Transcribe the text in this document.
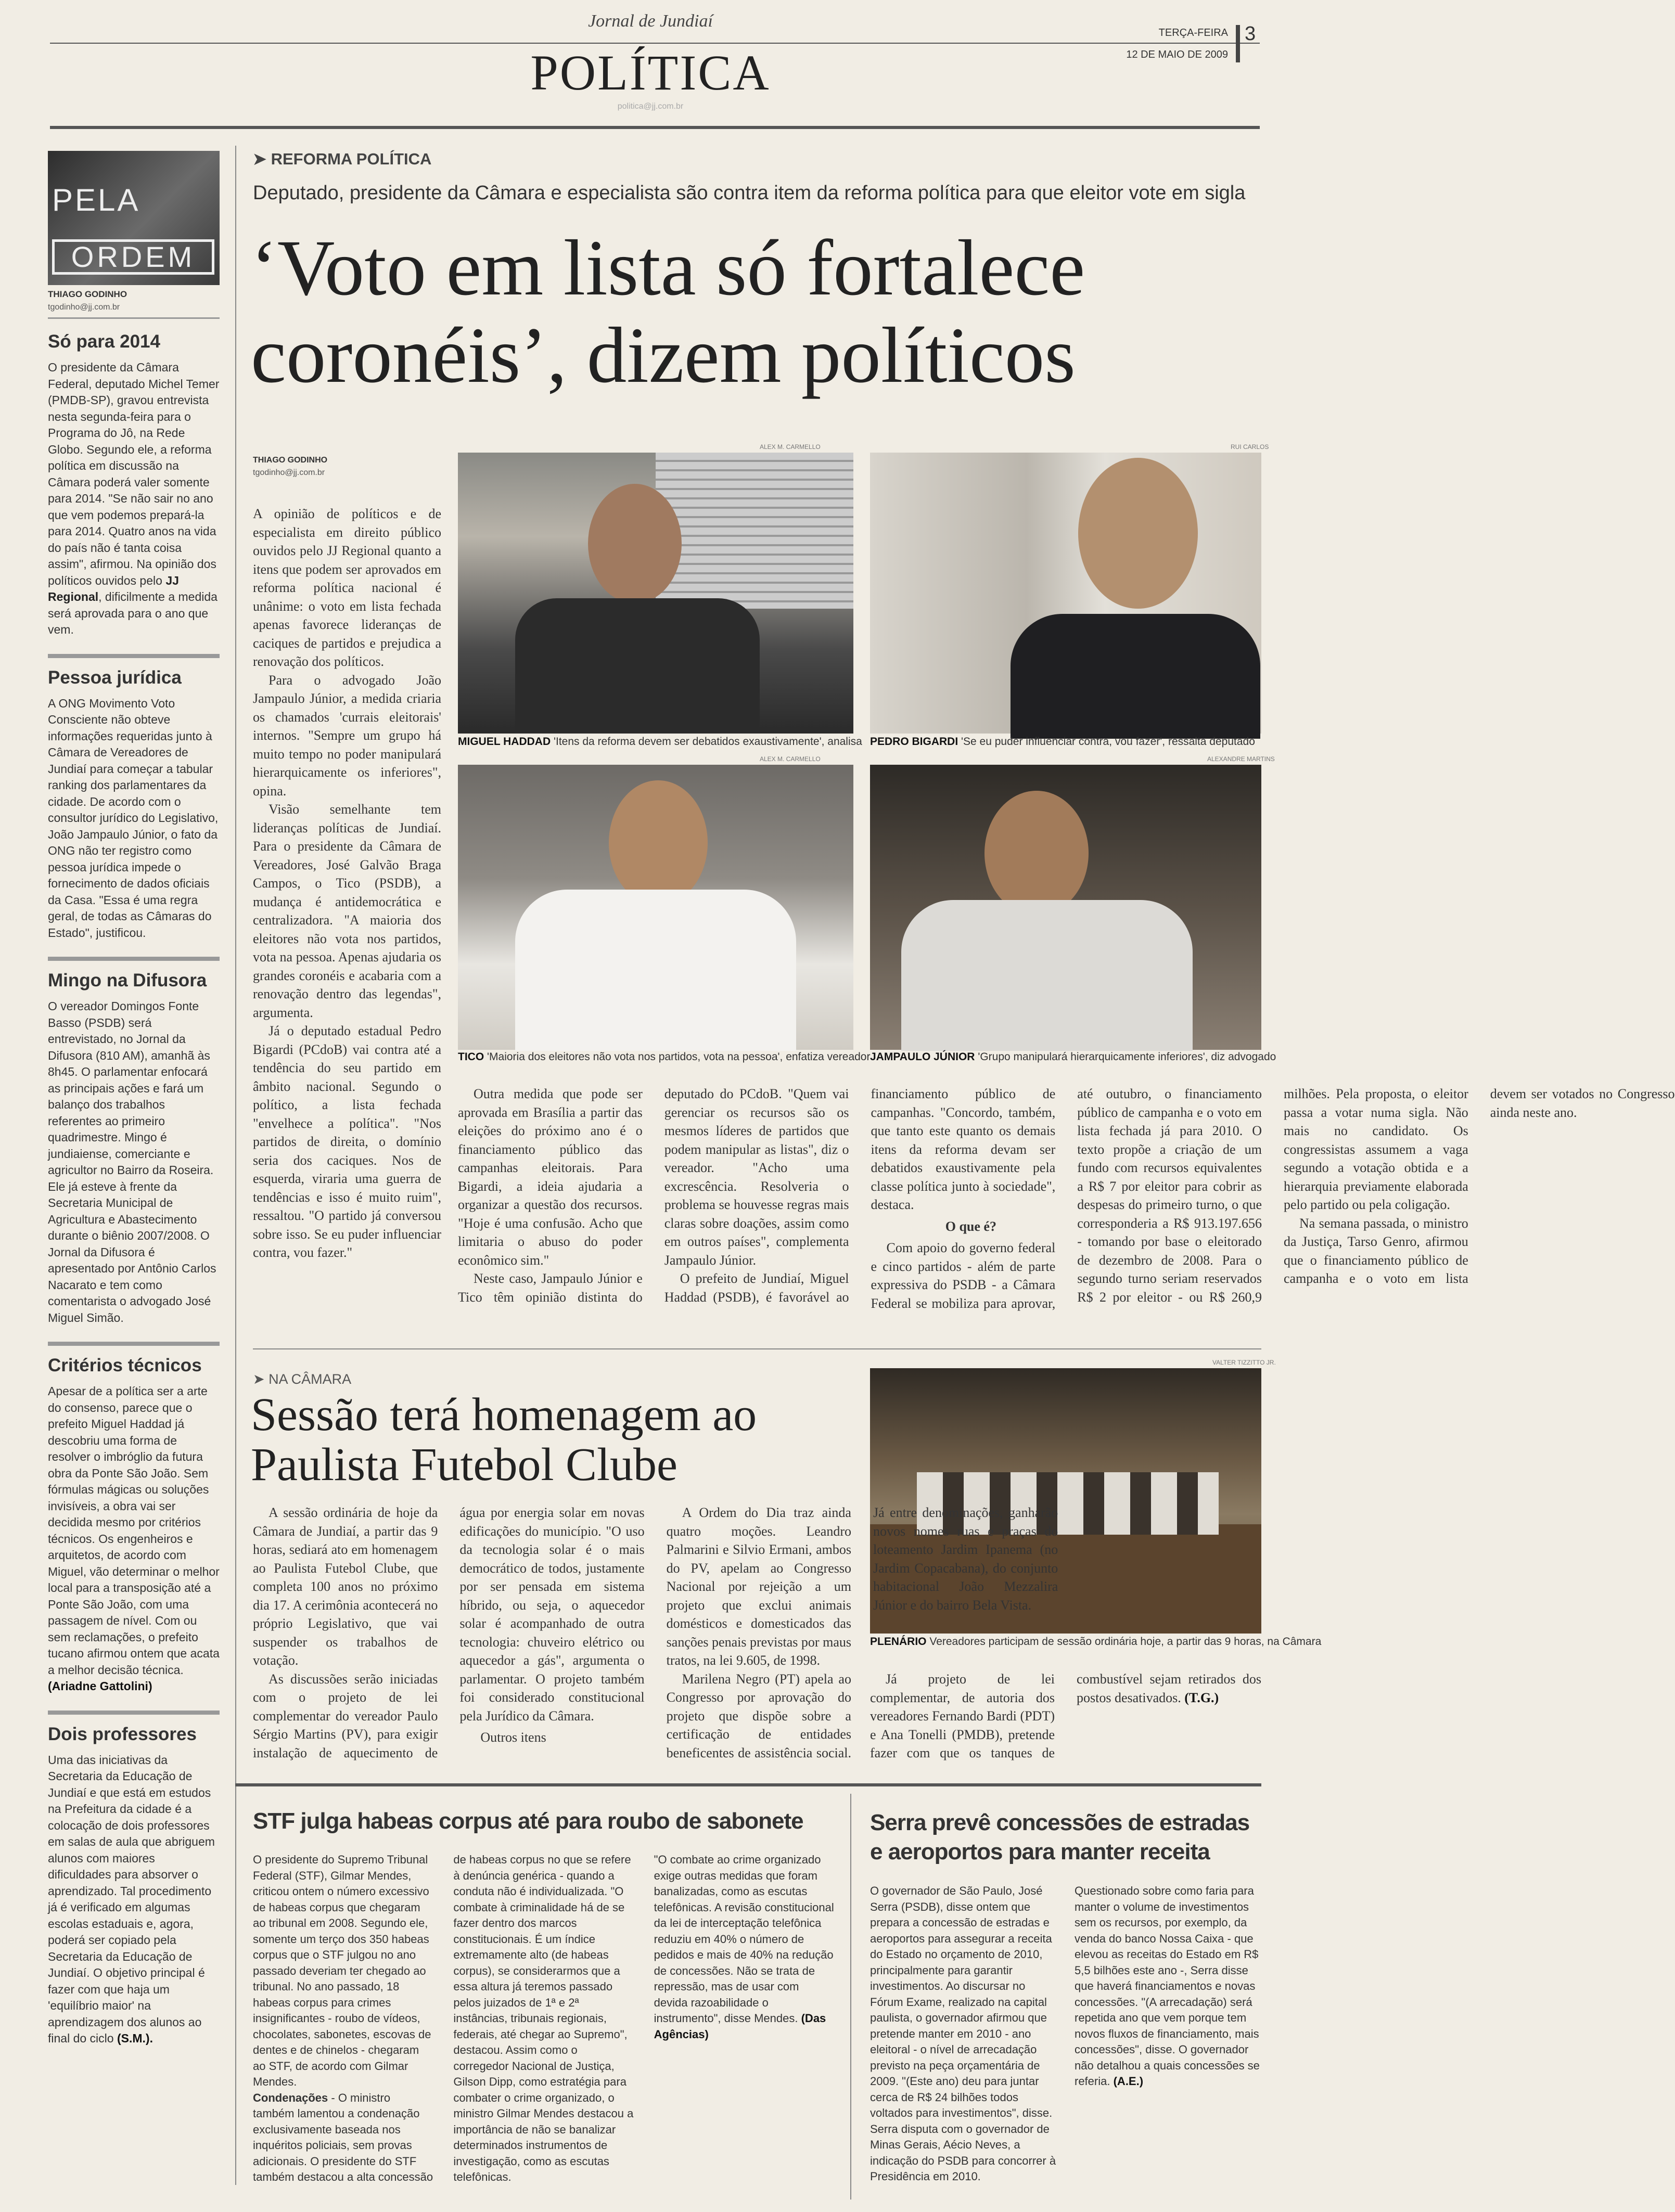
Jornal de Jundiaí
POLÍTICA
politica@jj.com.br
TERÇA-FEIRA
12 DE MAIO DE 2009
3
PELA
ORDEM
THIAGO GODINHO
tgodinho@jj.com.br
Só para 2014
O presidente da Câmara Federal, deputado Michel Temer (PMDB-SP), gravou entrevista nesta segunda-feira para o Programa do Jô, na Rede Globo. Segundo ele, a reforma política em discussão na Câmara poderá valer somente para 2014. "Se não sair no ano que vem podemos prepará-la para 2014. Quatro anos na vida do país não é tanta coisa assim", afirmou. Na opinião dos políticos ouvidos pelo JJ Regional, dificilmente a medida será aprovada para o ano que vem.
Pessoa jurídica
A ONG Movimento Voto Consciente não obteve informações requeridas junto à Câmara de Vereadores de Jundiaí para começar a tabular ranking dos parlamentares da cidade. De acordo com o consultor jurídico do Legislativo, João Jampaulo Júnior, o fato da ONG não ter registro como pessoa jurídica impede o fornecimento de dados oficiais da Casa. "Essa é uma regra geral, de todas as Câmaras do Estado", justificou.
Mingo na Difusora
O vereador Domingos Fonte Basso (PSDB) será entrevistado, no Jornal da Difusora (810 AM), amanhã às 8h45. O parlamentar enfocará as principais ações e fará um balanço dos trabalhos referentes ao primeiro quadrimestre. Mingo é jundiaiense, comerciante e agricultor no Bairro da Roseira. Ele já esteve à frente da Secretaria Municipal de Agricultura e Abastecimento durante o biênio 2007/2008. O Jornal da Difusora é apresentado por Antônio Carlos Nacarato e tem como comentarista o advogado José Miguel Simão.
Critérios técnicos
Apesar de a política ser a arte do consenso, parece que o prefeito Miguel Haddad já descobriu uma forma de resolver o imbróglio da futura obra da Ponte São João. Sem fórmulas mágicas ou soluções invisíveis, a obra vai ser decidida mesmo por critérios técnicos. Os engenheiros e arquitetos, de acordo com Miguel, vão determinar o melhor local para a transposição até a Ponte São João, com uma passagem de nível. Com ou sem reclamações, o prefeito tucano afirmou ontem que acata a melhor decisão técnica. (Ariadne Gattolini)
Dois professores
Uma das iniciativas da Secretaria da Educação de Jundiaí e que está em estudos na Prefeitura da cidade é a colocação de dois professores em salas de aula que abriguem alunos com maiores dificuldades para absorver o aprendizado. Tal procedimento já é verificado em algumas escolas estaduais e, agora, poderá ser copiado pela Secretaria da Educação de Jundiaí. O objetivo principal é fazer com que haja um 'equilíbrio maior' na aprendizagem dos alunos ao final do ciclo (S.M.).
➤ REFORMA POLÍTICA
Deputado, presidente da Câmara e especialista são contra item da reforma política para que eleitor vote em sigla
‘Voto em lista só fortalece coronéis’, dizem políticos
THIAGO GODINHO
tgodinho@jj.com.br
ALEX M. CARMELLO
MIGUEL HADDAD 'Itens da reforma devem ser debatidos exaustivamente', analisa
RUI CARLOS
PEDRO BIGARDI 'Se eu puder influenciar contra, vou fazer', ressalta deputado
ALEX M. CARMELLO
TICO 'Maioria dos eleitores não vota nos partidos, vota na pessoa', enfatiza vereador
ALEXANDRE MARTINS
JAMPAULO JÚNIOR 'Grupo manipulará hierarquicamente inferiores', diz advogado

A opinião de políticos e de especialista em direito público ouvidos pelo JJ Regional quanto a itens que podem ser aprovados em reforma política nacional é unânime: o voto em lista fechada apenas favorece lideranças de caciques de partidos e prejudica a renovação dos políticos.

Para o advogado João Jampaulo Júnior, a medida criaria os chamados 'currais eleitorais' internos. "Sempre um grupo há muito tempo no poder manipulará hierarquicamente os inferiores", opina.

Visão semelhante tem lideranças políticas de Jundiaí. Para o presidente da Câmara de Vereadores, José Galvão Braga Campos, o Tico (PSDB), a mudança é antidemocrática e centralizadora. "A maioria dos eleitores não vota nos partidos, vota na pessoa. Apenas ajudaria os grandes coronéis e acabaria com a renovação dentro das legendas", argumenta.

Já o deputado estadual Pedro Bigardi (PCdoB) vai contra até a tendência do seu partido em âmbito nacional. Segundo o político, a lista fechada "envelhece a política". "Nos partidos de direita, o domínio seria dos caciques. Nos de esquerda, viraria uma guerra de tendências e isso é muito ruim", ressaltou. "O partido já conversou sobre isso. Se eu puder influenciar contra, vou fazer."

Outra medida que pode ser aprovada em Brasília a partir das eleições do próximo ano é o financiamento público das campanhas eleitorais. Para Bigardi, a ideia ajudaria a organizar a questão dos recursos. "Hoje é uma confusão. Acho que limitaria o abuso do poder econômico sim."

Neste caso, Jampaulo Júnior e Tico têm opinião distinta do deputado do PCdoB. "Quem vai gerenciar os recursos são os mesmos líderes de partidos que podem manipular as listas", diz o vereador. "Acho uma excrescência. Resolveria o problema se houvesse regras mais claras sobre doações, assim como em outros países", complementa Jampaulo Júnior.

O prefeito de Jundiaí, Miguel Haddad (PSDB), é favorável ao financiamento público de campanhas. "Concordo, também, que tanto este quanto os demais itens da reforma devam ser debatidos exaustivamente pela classe política junto à sociedade", destaca.

O que é?

Com apoio do governo federal e cinco partidos - além de parte expressiva do PSDB - a Câmara Federal se mobiliza para aprovar, até outubro, o financiamento público de campanha e o voto em lista fechada já para 2010. O texto propõe a criação de um fundo com recursos equivalentes a R$ 7 por eleitor para cobrir as despesas do primeiro turno, o que corresponderia a R$ 913.197.656 - tomando por base o eleitorado de dezembro de 2008. Para o segundo turno seriam reservados R$ 2 por eleitor - ou R$ 260,9 milhões. Pela proposta, o eleitor passa a votar numa sigla. Não mais no candidato. Os congressistas assumem a vaga segundo a votação obtida e a hierarquia previamente elaborada pelo partido ou pela coligação.

Na semana passada, o ministro da Justiça, Tarso Genro, afirmou que o financiamento público de campanha e o voto em lista devem ser votados no Congresso ainda neste ano.

➤ NA CÂMARA
Sessão terá homenagem ao Paulista Futebol Clube
VALTER TIZZITTO JR.
PLENÁRIO Vereadores participam de sessão ordinária hoje, a partir das 9 horas, na Câmara

A sessão ordinária de hoje da Câmara de Jundiaí, a partir das 9 horas, sediará ato em homenagem ao Paulista Futebol Clube, que completa 100 anos no próximo dia 17. A cerimônia acontecerá no próprio Legislativo, que vai suspender os trabalhos de votação.

As discussões serão iniciadas com o projeto de lei complementar do vereador Paulo Sérgio Martins (PV), para exigir instalação de aquecimento de água por energia solar em novas edificações do município. "O uso da tecnologia solar é o mais democrático de todos, justamente por ser pensada em sistema híbrido, ou seja, o aquecedor solar é acompanhado de outra tecnologia: chuveiro elétrico ou aquecedor a gás", argumenta o parlamentar. O projeto também foi considerado constitucional pela Jurídico da Câmara.

Outros itens

A Ordem do Dia traz ainda quatro moções. Leandro Palmarini e Silvio Ermani, ambos do PV, apelam ao Congresso Nacional por rejeição a um projeto que exclui animais domésticos e domesticados das sanções penais previstas por maus tratos, na lei 9.605, de 1998.

Marilena Negro (PT) apela ao Congresso por aprovação do projeto que dispõe sobre a certificação de entidades beneficentes de assistência social. Já entre denominações, ganharão novos nomes ruas e praças do loteamento Jardim Ipanema (no Jardim Copacabana), do conjunto habitacional João Mezzalira Júnior e do bairro Bela Vista.

Já projeto de lei complementar, de autoria dos vereadores Fernando Bardi (PDT) e Ana Tonelli (PMDB), pretende fazer com que os tanques de combustível sejam retirados dos postos desativados. (T.G.)

STF julga habeas corpus até para roubo de sabonete

O presidente do Supremo Tribunal Federal (STF), Gilmar Mendes, criticou ontem o número excessivo de habeas corpus que chegaram ao tribunal em 2008. Segundo ele, somente um terço dos 350 habeas corpus que o STF julgou no ano passado deveriam ter chegado ao tribunal. No ano passado, 18 habeas corpus para crimes insignificantes - roubo de vídeos, chocolates, sabonetes, escovas de dentes e de chinelos - chegaram ao STF, de acordo com Gilmar Mendes.

Condenações - O ministro também lamentou a condenação exclusivamente baseada nos inquéritos policiais, sem provas adicionais. O presidente do STF também destacou a alta concessão de habeas corpus no que se refere à denúncia genérica - quando a conduta não é individualizada. "O combate à criminalidade há de se fazer dentro dos marcos constitucionais. É um índice extremamente alto (de habeas corpus), se considerarmos que a essa altura já teremos passado pelos juizados de 1ª e 2ª instâncias, tribunais regionais, federais, até chegar ao Supremo", destacou. Assim como o corregedor Nacional de Justiça, Gilson Dipp, como estratégia para combater o crime organizado, o ministro Gilmar Mendes destacou a importância de não se banalizar determinados instrumentos de investigação, como as escutas telefônicas.

"O combate ao crime organizado exige outras medidas que foram banalizadas, como as escutas telefônicas. A revisão constitucional da lei de interceptação telefônica reduziu em 40% o número de pedidos e mais de 40% na redução de concessões. Não se trata de repressão, mas de usar com devida razoabilidade o instrumento", disse Mendes. (Das Agências)

Serra prevê concessões de estradas e aeroportos para manter receita

O governador de São Paulo, José Serra (PSDB), disse ontem que prepara a concessão de estradas e aeroportos para assegurar a receita do Estado no orçamento de 2010, principalmente para garantir investimentos. Ao discursar no Fórum Exame, realizado na capital paulista, o governador afirmou que pretende manter em 2010 - ano eleitoral - o nível de arrecadação previsto na peça orçamentária de 2009. "(Este ano) deu para juntar cerca de R$ 24 bilhões todos voltados para investimentos", disse. Serra disputa com o governador de Minas Gerais, Aécio Neves, a indicação do PSDB para concorrer à Presidência em 2010.

Questionado sobre como faria para manter o volume de investimentos sem os recursos, por exemplo, da venda do banco Nossa Caixa - que elevou as receitas do Estado em R$ 5,5 bilhões este ano -, Serra disse que haverá financiamentos e novas concessões. "(A arrecadação) será repetida ano que vem porque tem novos fluxos de financiamento, mais concessões", disse. O governador não detalhou a quais concessões se referia. (A.E.)
